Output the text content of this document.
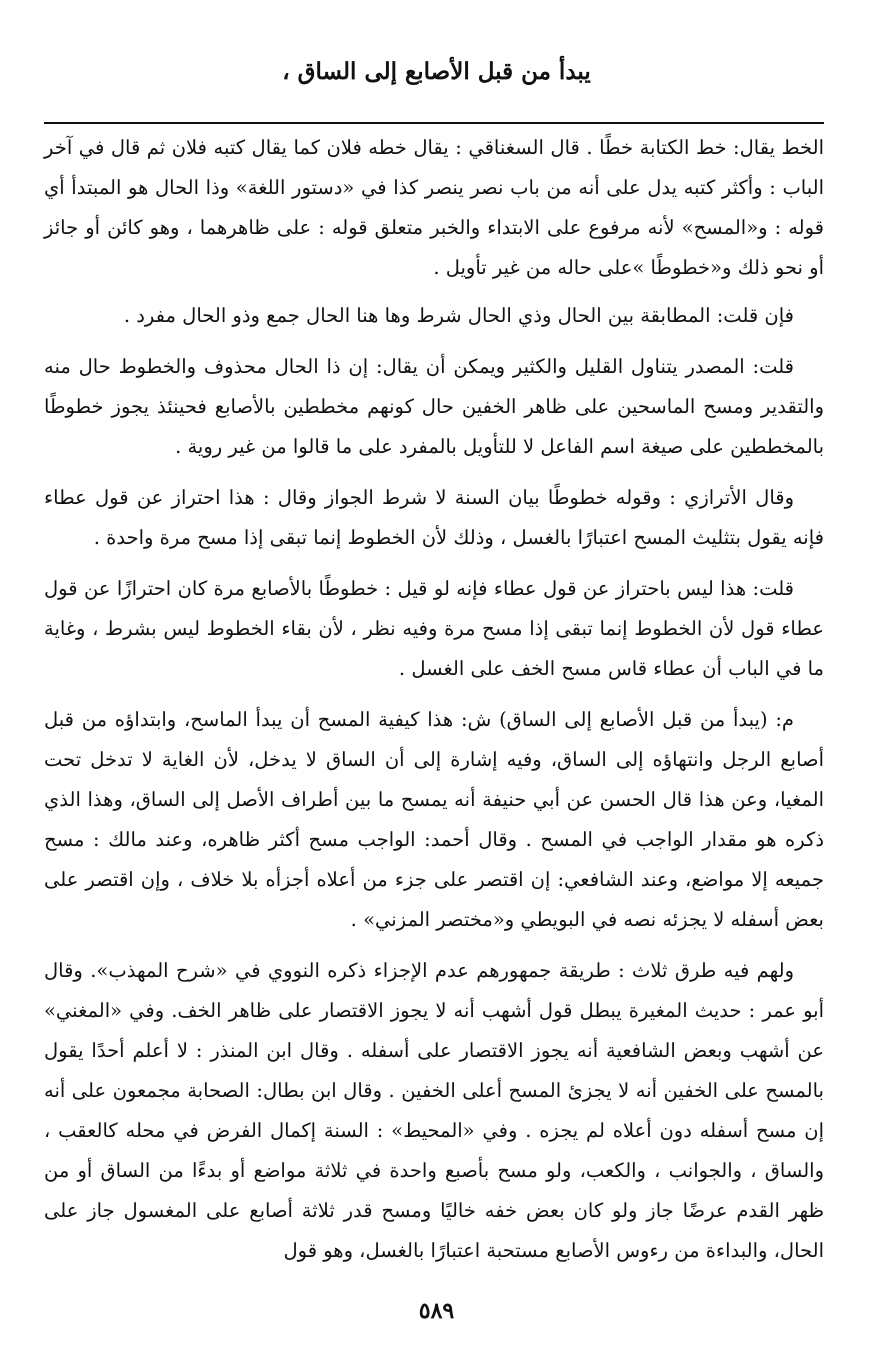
يبدأ من قبل الأصابع إلى الساق ،

الخط يقال: خط الكتابة خطًا . قال السغناقي : يقال خطه فلان كما يقال كتبه فلان ثم قال في آخر الباب : وأكثر كتبه يدل على أنه من باب نصر ينصر كذا في «دستور اللغة» وذا الحال هو المبتدأ أي قوله : و«المسح» لأنه مرفوع على الابتداء والخبر متعلق قوله : على ظاهرهما ، وهو كائن أو جائز أو نحو ذلك و«خطوطًا »على حاله من غير تأويل .

فإن قلت: المطابقة بين الحال وذي الحال شرط وها هنا الحال جمع وذو الحال مفرد .

قلت: المصدر يتناول القليل والكثير ويمكن أن يقال: إن ذا الحال محذوف والخطوط حال منه والتقدير ومسح الماسحين على ظاهر الخفين حال كونهم مخططين بالأصابع فحينئذ يجوز خطوطًا بالمخططين على صيغة اسم الفاعل لا للتأويل بالمفرد على ما قالوا من غير روية .

وقال الأترازي : وقوله خطوطًا بيان السنة لا شرط الجواز وقال : هذا احتراز عن قول عطاء فإنه يقول بتثليث المسح اعتبارًا بالغسل ، وذلك لأن الخطوط إنما تبقى إذا مسح مرة واحدة .

قلت: هذا ليس باحتراز عن قول عطاء فإنه لو قيل : خطوطًا بالأصابع مرة كان احترازًا عن قول عطاء قول لأن الخطوط إنما تبقى إذا مسح مرة وفيه نظر ، لأن بقاء الخطوط ليس بشرط ، وغاية ما في الباب أن عطاء قاس مسح الخف على الغسل .

م: (يبدأ من قبل الأصابع إلى الساق) ش: هذا كيفية المسح أن يبدأ الماسح، وابتداؤه من قبل أصابع الرجل وانتهاؤه إلى الساق، وفيه إشارة إلى أن الساق لا يدخل، لأن الغاية لا تدخل تحت المغيا، وعن هذا قال الحسن عن أبي حنيفة أنه يمسح ما بين أطراف الأصل إلى الساق، وهذا الذي ذكره هو مقدار الواجب في المسح . وقال أحمد: الواجب مسح أكثر ظاهره، وعند مالك : مسح جميعه إلا مواضع، وعند الشافعي: إن اقتصر على جزء من أعلاه أجزأه بلا خلاف ، وإن اقتصر على بعض أسفله لا يجزئه نصه في البويطي و«مختصر المزني» .

ولهم فيه طرق ثلاث : طريقة جمهورهم عدم الإجزاء ذكره النووي في «شرح المهذب». وقال أبو عمر : حديث المغيرة يبطل قول أشهب أنه لا يجوز الاقتصار على ظاهر الخف. وفي «المغني» عن أشهب وبعض الشافعية أنه يجوز الاقتصار على أسفله . وقال ابن المنذر : لا أعلم أحدًا يقول بالمسح على الخفين أنه لا يجزئ المسح أعلى الخفين . وقال ابن بطال: الصحابة مجمعون على أنه إن مسح أسفله دون أعلاه لم يجزه . وفي «المحيط» : السنة إكمال الفرض في محله كالعقب ، والساق ، والجوانب ، والكعب، ولو مسح بأصبع واحدة في ثلاثة مواضع أو بدءًا من الساق أو من ظهر القدم عرضًا جاز ولو كان بعض خفه خاليًا ومسح قدر ثلاثة أصابع على المغسول جاز على الحال، والبداءة من رءوس الأصابع مستحبة اعتبارًا بالغسل، وهو قول

٥٨٩
